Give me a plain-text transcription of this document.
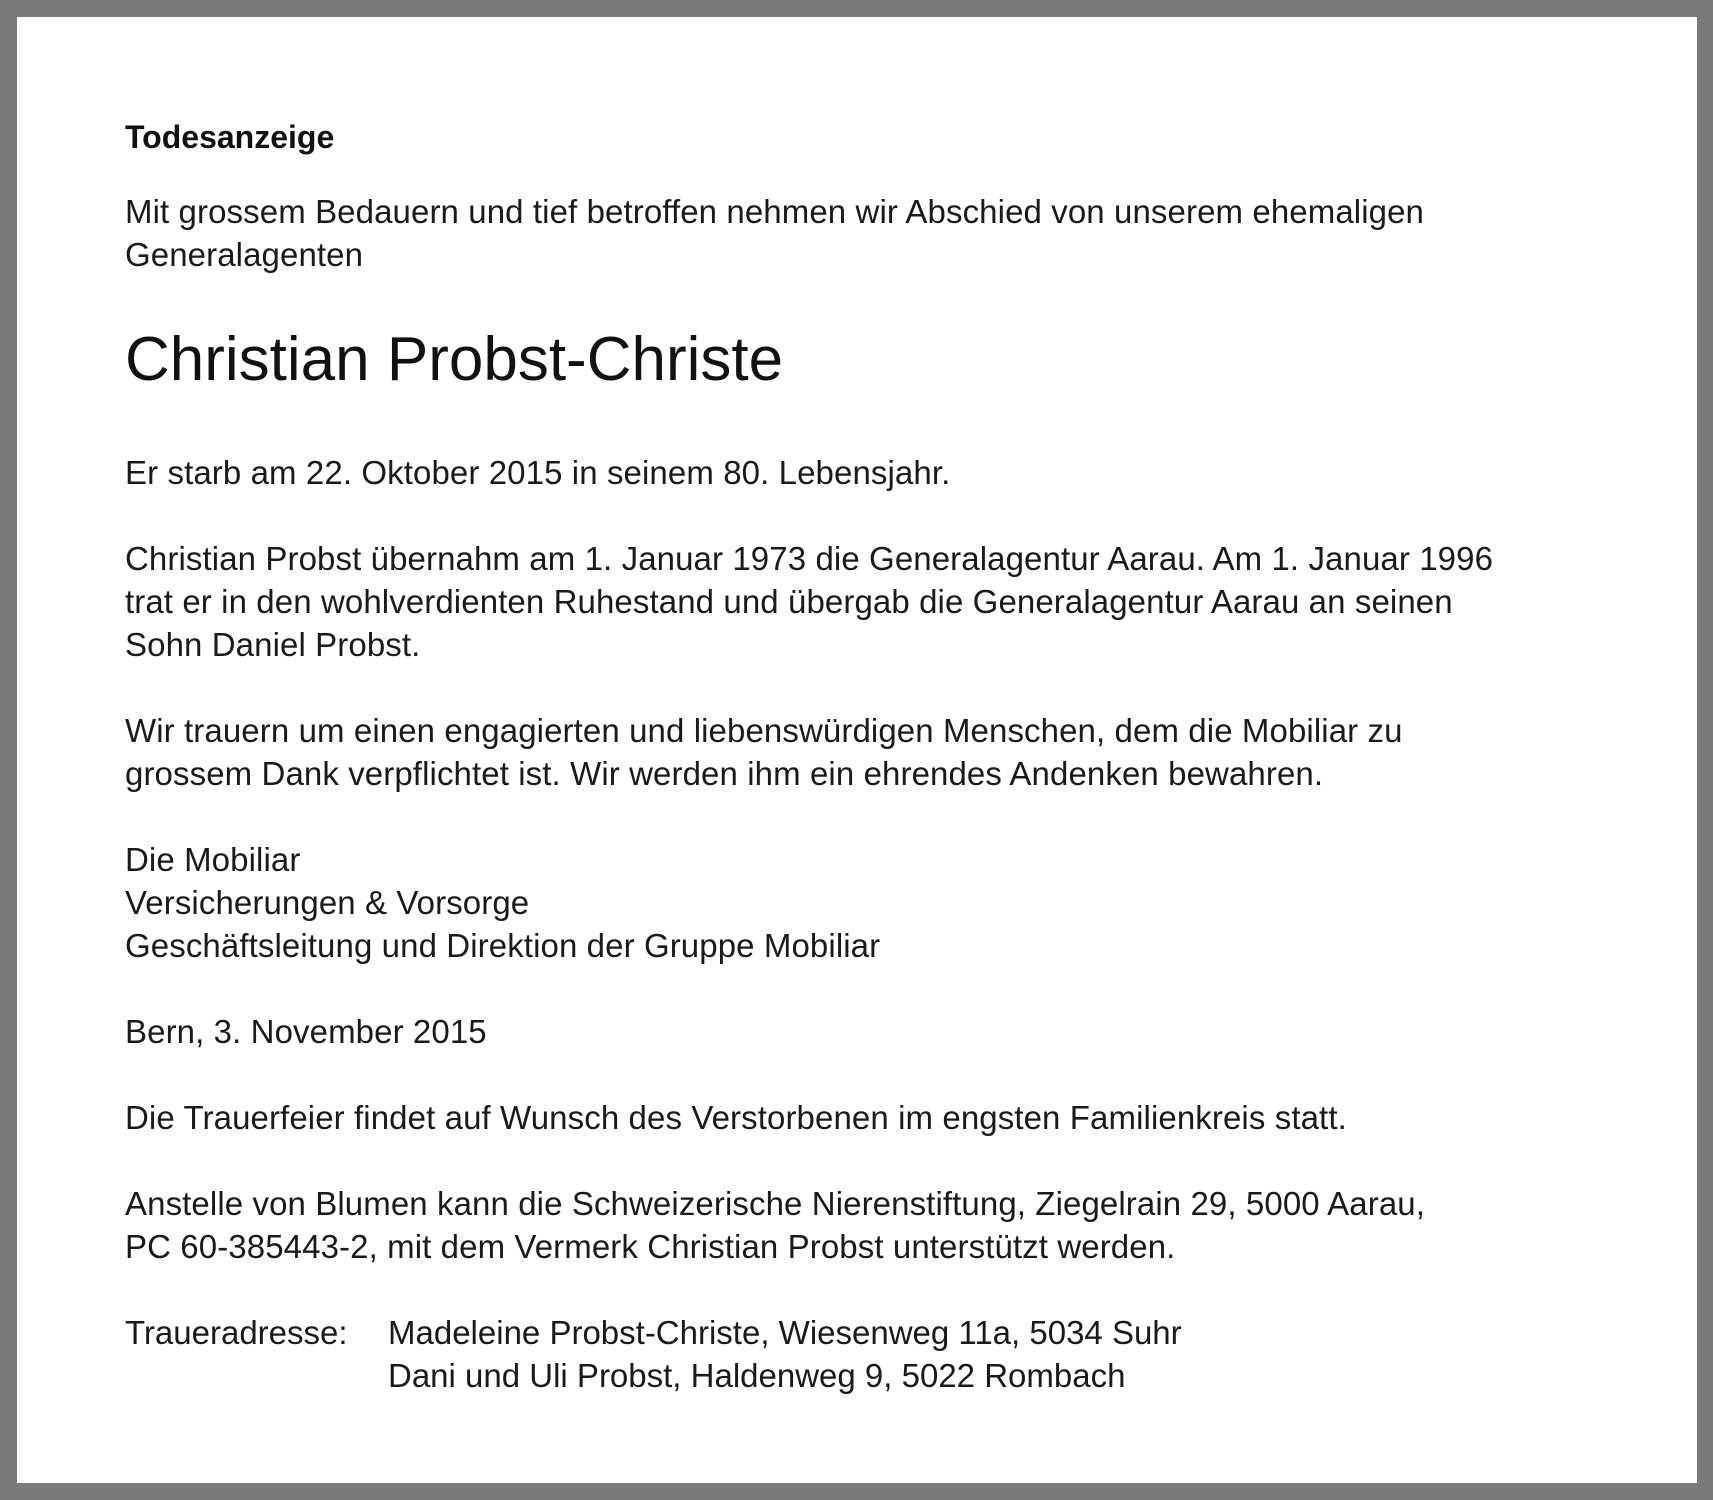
Todesanzeige

Mit grossem Bedauern und tief betroffen nehmen wir Abschied von unserem ehemaligen
Generalagenten
Christian Probst-Christe

Er starb am 22. Oktober 2015 in seinem 80. Lebensjahr.

Christian Probst übernahm am 1. Januar 1973 die Generalagentur Aarau. Am 1. Januar 1996
trat er in den wohlverdienten Ruhestand und übergab die Generalagentur Aarau an seinen
Sohn Daniel Probst.
Wir trauern um einen engagierten und liebenswürdigen Menschen, dem die Mobiliar zu
grossem Dank verpflichtet ist. Wir werden ihm ein ehrendes Andenken bewahren.
Die Mobiliar
Versicherungen & Vorsorge
Geschäftsleitung und Direktion der Gruppe Mobiliar

Bern, 3. November 2015

Die Trauerfeier findet auf Wunsch des Verstorbenen im engsten Familienkreis statt.

Anstelle von Blumen kann die Schweizerische Nierenstiftung, Ziegelrain 29, 5000 Aarau,
PC 60-385443-2, mit dem Vermerk Christian Probst unterstützt werden.
Traueradresse:	Madeleine Probst-Christe, Wiesenweg 11a, 5034 Suhr
Dani und Uli Probst, Haldenweg 9, 5022 Rombach
